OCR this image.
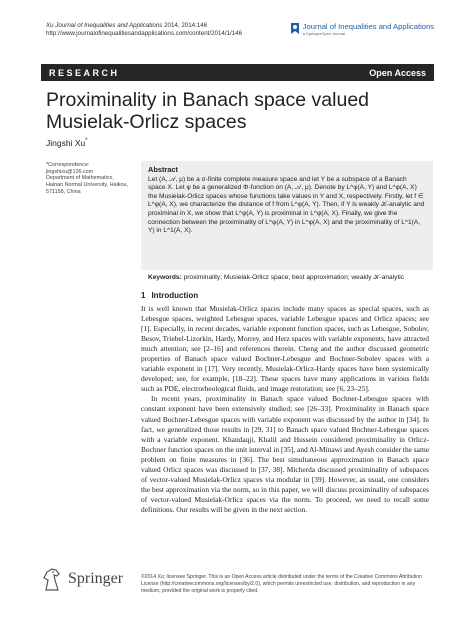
Xu Journal of Inequalities and Applications 2014, 2014:146
http://www.journalofinequalitiesandapplications.com/content/2014/1/146
Journal of Inequalities and Applications
a SpringerOpen Journal
RESEARCH	Open Access
Proximinality in Banach space valued
Musielak-Orlicz spaces
Jingshi Xu*
*Correspondence:
jingshixu@126.com
Department of Mathematics,
Hainan Normal University, Haikou,
571158, China
Abstract
Let (A, 𝒜, μ) be a σ-finite complete measure space and let Y be a subspace of a Banach space X. Let φ be a generalized Φ-function on (A, 𝒜, μ). Denote by L^φ(A, Y) and L^φ(A, X) the Musielak-Orlicz spaces whose functions take values in Y and X, respectively. Firstly, let f ∈ L^φ(A, X), we characterize the distance of f from L^φ(A, Y). Then, if Y is weakly 𝒦-analytic and proximinal in X, we show that L^φ(A, Y) is proximinal in L^φ(A, X). Finally, we give the connection between the proximinality of L^φ(A, Y) in L^φ(A, X) and the proximinality of L^1(A, Y) in L^1(A, X).
Keywords: proximinality; Musielak-Orlicz space; best approximation; weakly 𝒦-analytic
1 Introduction

It is well known that Musielak-Orlicz spaces include many spaces as special spaces, such as Lebesgue spaces, weighted Lebesgue spaces, variable Lebesgue spaces and Orlicz spaces; see [1]. Especially, in recent decades, variable exponent function spaces, such as Lebesgue, Sobolev, Besov, Triebel-Lizorkin, Hardy, Morrey, and Herz spaces with variable exponents, have attracted much attention; see [2–16] and references therein. Cheng and the author discussed geometric properties of Banach space valued Bochner-Lebesgue and Bochner-Sobolev spaces with a variable exponent in [17]. Very recently, Musielak-Orlicz-Hardy spaces have been systemically developed; see, for example, [18–22]. These spaces have many applications in various fields such as PDE, electrorheological fluids, and image restoration; see [6, 23–25].

In recent years, proximinality in Banach space valued Bochner-Lebesgue spaces with constant exponent have been extensively studied; see [26–33]. Proximinality in Banach space valued Bochner-Lebesgue spaces with variable exponent was discussed by the author in [34]. In fact, we generalized those results in [29, 31] to Banach space valued Bochner-Lebesgue spaces with a variable exponent. Khandaqji, Khalil and Hussein considered proximinality in Orlicz-Bochner function spaces on the unit interval in [35], and Al-Minawi and Ayesh consider the same problem on finite measures in [36]. The best simultaneous approximation in Banach space valued Orlicz spaces was discussed in [37, 38]. Micherda discussed proximinality of subspaces of vector-valued Musielak-Orlicz spaces via modular in [39]. However, as usual, one considers the best approximation via the norm, so in this paper, we will discuss proximinality of subspaces of vector-valued Musielak-Orlicz spaces via the norm. To proceed, we need to recall some definitions. Our results will be given in the next section.

Springer	©2014 Xu; licensee Springer. This is an Open Access article distributed under the terms of the Creative Commons Attribution License (http://creativecommons.org/licenses/by/2.0), which permits unrestricted use, distribution, and reproduction in any medium, provided the original work is properly cited.
